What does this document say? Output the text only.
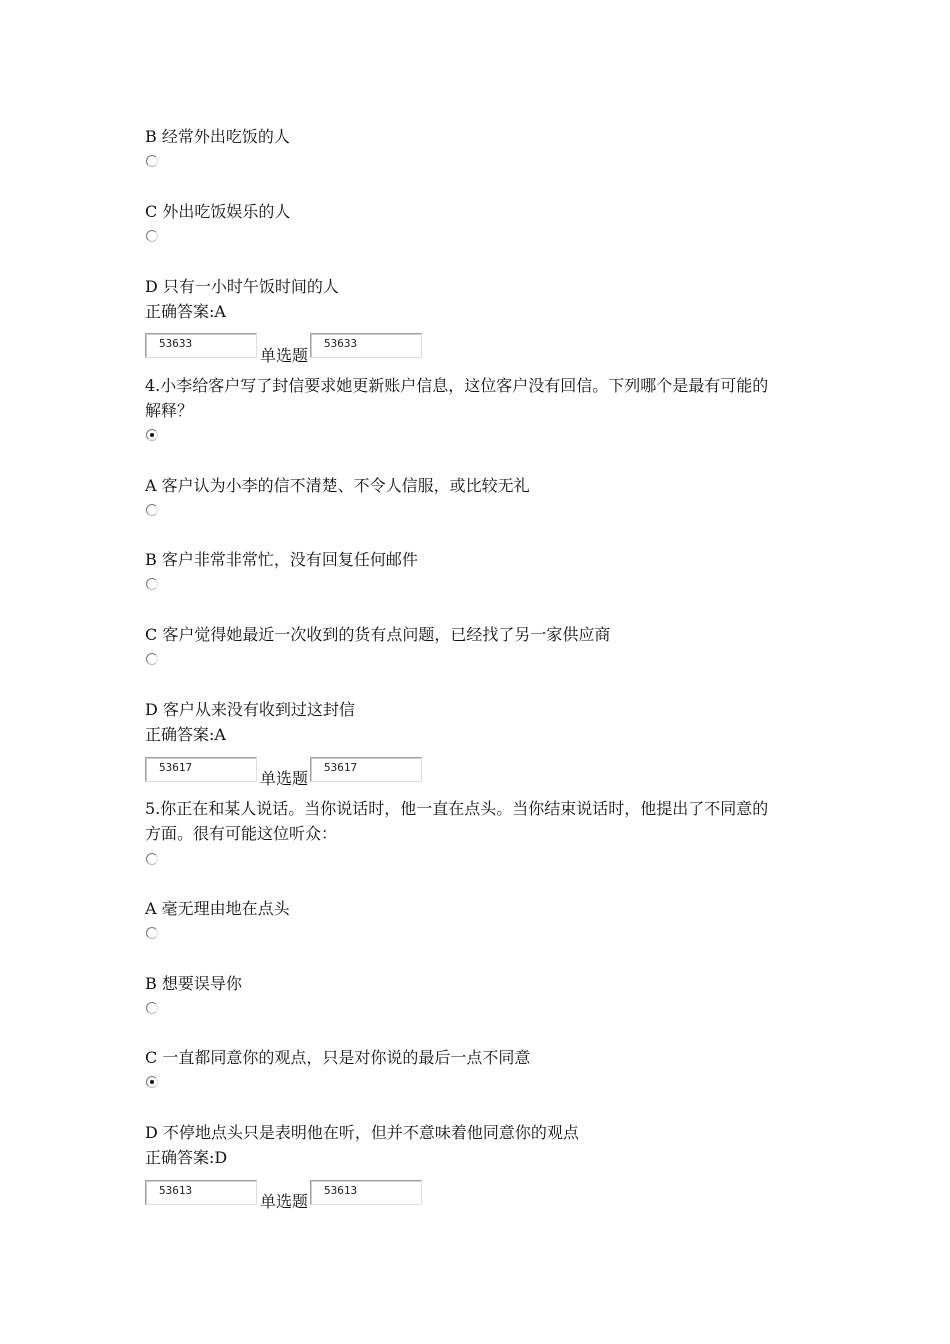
B 经常外出吃饭的人
C 外出吃饭娱乐的人
D 只有一小时午饭时间的人
正确答案:A
53633
单选题
53633
4.小李给客户写了封信要求她更新账户信息，这位客户没有回信。下列哪个是最有可能的
解释？
A 客户认为小李的信不清楚、不令人信服，或比较无礼
B 客户非常非常忙，没有回复任何邮件
C 客户觉得她最近一次收到的货有点问题，已经找了另一家供应商
D 客户从来没有收到过这封信
正确答案:A
53617
单选题
53617
5.你正在和某人说话。当你说话时，他一直在点头。当你结束说话时，他提出了不同意的
方面。很有可能这位听众：
A 毫无理由地在点头
B 想要误导你
C 一直都同意你的观点，只是对你说的最后一点不同意
D 不停地点头只是表明他在听，但并不意味着他同意你的观点
正确答案:D
53613
单选题
53613
